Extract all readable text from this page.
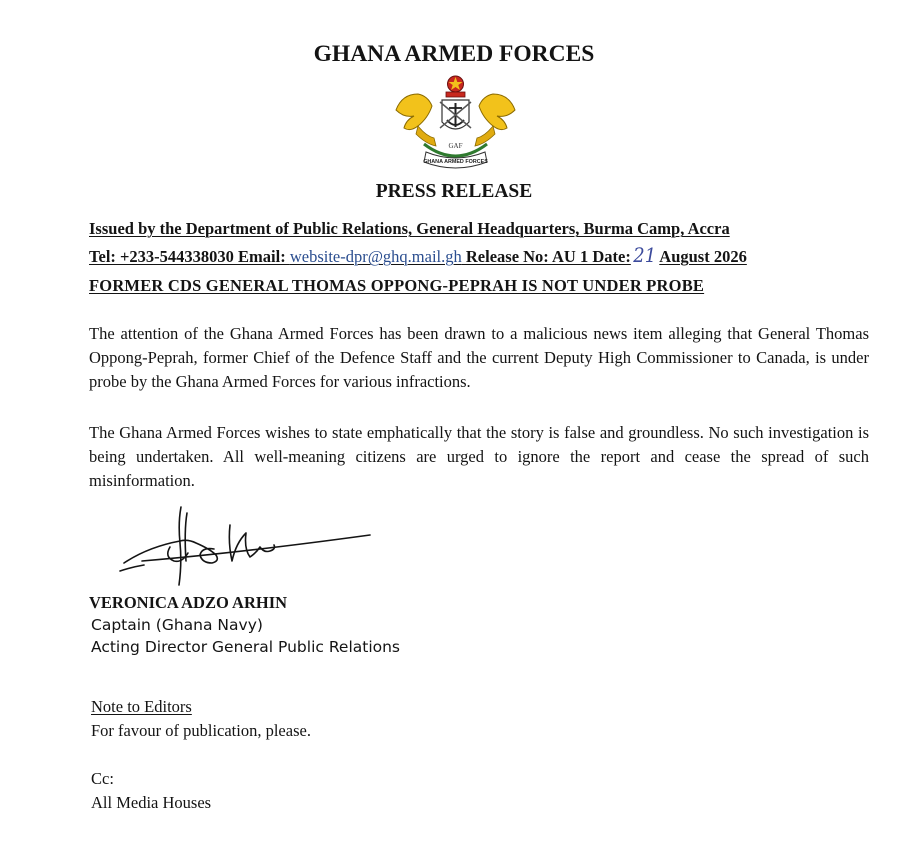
GHANA ARMED FORCES
GHANA ARMED FORCES
GAF
PRESS RELEASE
Issued by the Department of Public Relations, General Headquarters, Burma Camp, Accra
Tel: +233-544338030 Email: website-dpr@ghq.mail.gh Release No: AU 1 Date: 21 August 2026
FORMER CDS GENERAL THOMAS OPPONG-PEPRAH IS NOT UNDER PROBE
The attention of the Ghana Armed Forces has been drawn to a malicious news item alleging that General Thomas Oppong-Peprah, former Chief of the Defence Staff and the current Deputy High Commissioner to Canada, is under probe by the Ghana Armed Forces for various infractions.
The Ghana Armed Forces wishes to state emphatically that the story is false and groundless. No such investigation is being undertaken. All well-meaning citizens are urged to ignore the report and cease the spread of such misinformation.
VERONICA ADZO ARHIN
Captain (Ghana Navy)
Acting Director General Public Relations
Note to Editors
For favour of publication, please.
Cc:
All Media Houses
